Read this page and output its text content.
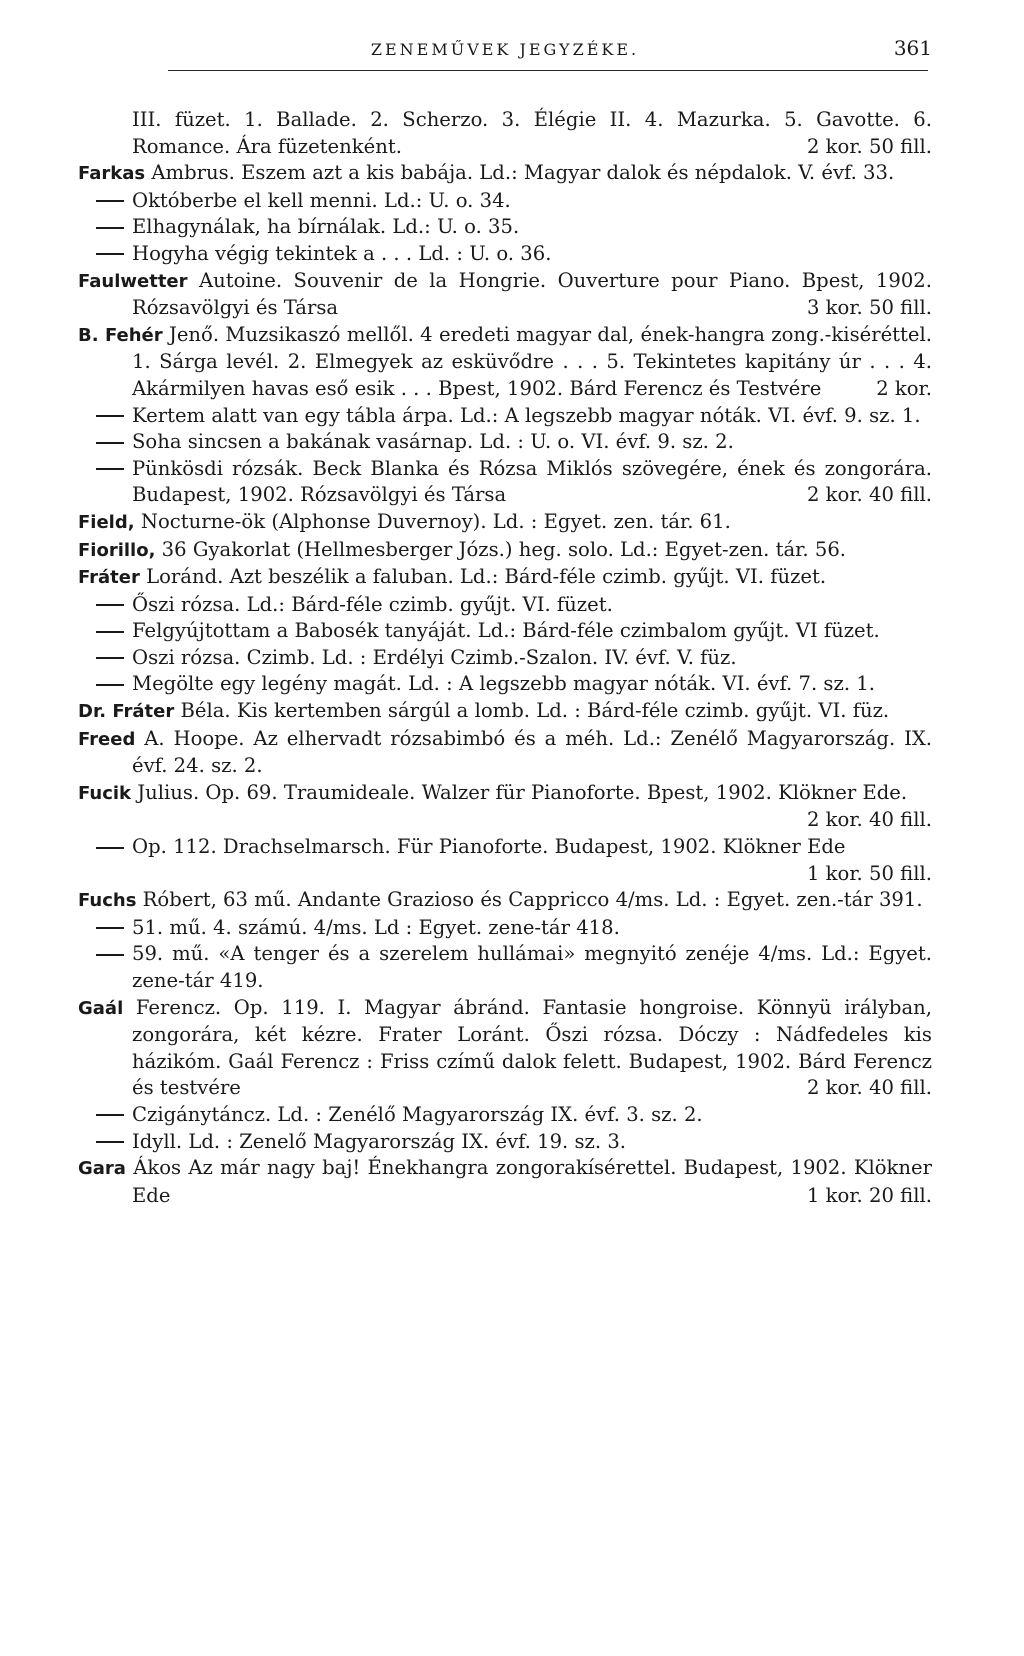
ZENEMŰVEK JEGYZÉKE.	361

III. füzet. 1. Ballade. 2. Scherzo. 3. Élégie II. 4. Mazurka. 5. Gavotte. 6. Romance. Ára füzetenként.	2 kor. 50 fill.

Farkas Ambrus. Eszem azt a kis babája. Ld.: Magyar dalok és népdalok. V. évf. 33.

Októberbe el kell menni. Ld.: U. o. 34.

Elhagynálak, ha bírnálak. Ld.: U. o. 35.

Hogyha végig tekintek a . . . Ld. : U. o. 36.

Faulwetter Autoine. Souvenir de la Hongrie. Ouverture pour Piano. Bpest, 1902. Rózsavölgyi és Társa	3 kor. 50 fill.

B. Fehér Jenő. Muzsikaszó mellől. 4 eredeti magyar dal, ének-hangra zong.-kiséréttel. 1. Sárga levél. 2. Elmegyek az esküvődre . . . 5. Tekintetes kapitány úr . . . 4. Akármilyen havas eső esik . . . Bpest, 1902. Bárd Ferencz és Testvére	2 kor.

Kertem alatt van egy tábla árpa. Ld.: A legszebb magyar nóták. VI. évf. 9. sz. 1.

Soha sincsen a bakának vasárnap. Ld. : U. o. VI. évf. 9. sz. 2.

Pünkösdi rózsák. Beck Blanka és Rózsa Miklós szövegére, ének és zongorára. Budapest, 1902. Rózsavölgyi és Társa	2 kor. 40 fill.

Field, Nocturne-ök (Alphonse Duvernoy). Ld. : Egyet. zen. tár. 61.

Fiorillo, 36 Gyakorlat (Hellmesberger Józs.) heg. solo. Ld.: Egyet-zen. tár. 56.

Fráter Loránd. Azt beszélik a faluban. Ld.: Bárd-féle czimb. gyűjt. VI. füzet.

Őszi rózsa. Ld.: Bárd-féle czimb. gyűjt. VI. füzet.

Felgyújtottam a Babosék tanyáját. Ld.: Bárd-féle czimbalom gyűjt. VI füzet.

Oszi rózsa. Czimb. Ld. : Erdélyi Czimb.-Szalon. IV. évf. V. füz.

Megölte egy legény magát. Ld. : A legszebb magyar nóták. VI. évf. 7. sz. 1.

Dr. Fráter Béla. Kis kertemben sárgúl a lomb. Ld. : Bárd-féle czimb. gyűjt. VI. füz.

Freed A. Hoope. Az elhervadt rózsabimbó és a méh. Ld.: Zenélő Magyarország. IX. évf. 24. sz. 2.

Fucik Julius. Op. 69. Traumideale. Walzer für Pianoforte. Bpest, 1902. Klökner Ede.
2 kor. 40 fill.

Op. 112. Drachselmarsch. Für Pianoforte. Budapest, 1902. Klökner Ede
1 kor. 50 fill.

Fuchs Róbert, 63 mű. Andante Grazioso és Cappricco 4/ms. Ld. : Egyet. zen.-tár 391.

51. mű. 4. számú. 4/ms. Ld : Egyet. zene-tár 418.

59. mű. «A tenger és a szerelem hullámai» megnyitó zenéje 4/ms. Ld.: Egyet. zene-tár 419.

Gaál Ferencz. Op. 119. I. Magyar ábránd. Fantasie hongroise. Könnyü irályban, zongorára, két kézre. Frater Loránt. Őszi rózsa. Dóczy : Nádfedeles kis házikóm. Gaál Ferencz : Friss czímű dalok felett. Budapest, 1902. Bárd Ferencz és testvére	2 kor. 40 fill.

Czigánytáncz. Ld. : Zenélő Magyarország IX. évf. 3. sz. 2.

Idyll. Ld. : Zenelő Magyarország IX. évf. 19. sz. 3.

Gara Ákos Az már nagy baj! Énekhangra zongorakísérettel. Budapest, 1902. Klökner Ede	1 kor. 20 fill.
